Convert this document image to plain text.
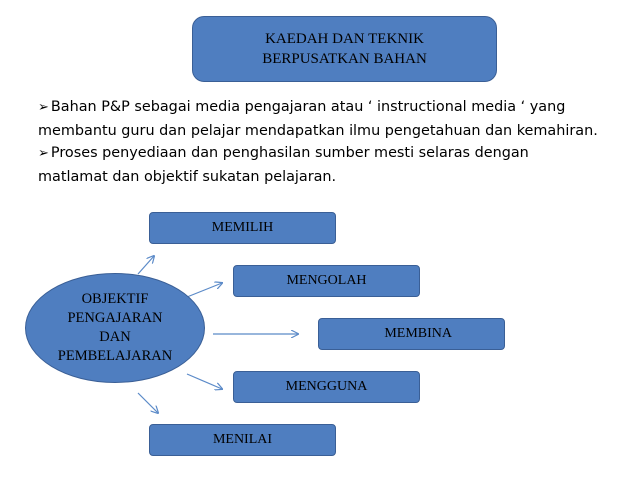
KAEDAH DAN TEKNIK
BERPUSATKAN BAHAN

➢ Bahan P&P sebagai media pengajaran atau ‘ instructional media ‘ yang membantu guru dan pelajar mendapatkan ilmu pengetahuan dan kemahiran.

➢ Proses penyediaan dan penghasilan sumber mesti selaras dengan matlamat dan objektif sukatan pelajaran.

MEMILIH
MENGOLAH
MEMBINA
MENGGUNA
MENILAI
OBJEKTIF
PENGAJARAN
DAN
PEMBELAJARAN
